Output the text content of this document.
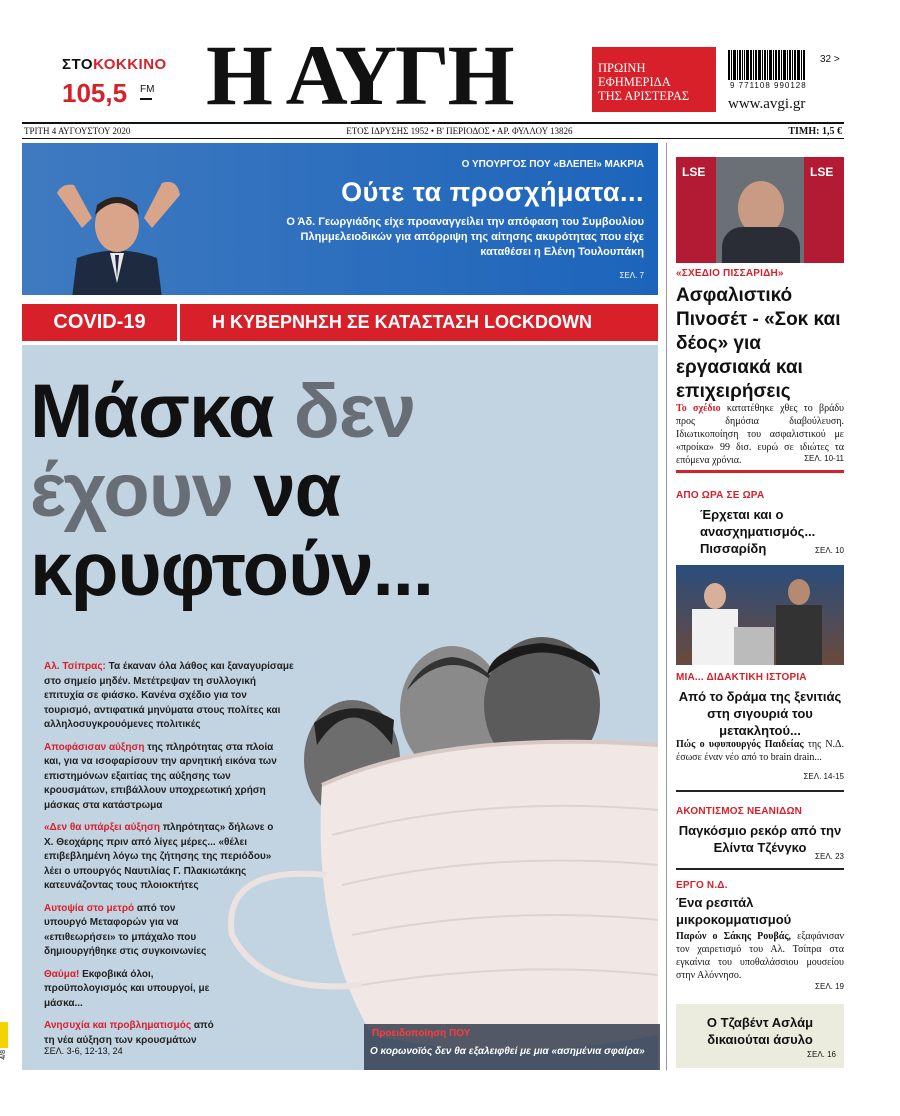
ΣΤΟΚΟΚΚΙΝΟ
105,5 FM Η ΑΥΓΗ	ΠΡΩΙΝΗ
ΕΦΗΜΕΡΙΔΑ
ΤΗΣ ΑΡΙΣΤΕΡΑΣ
32 >
9 771108 990128
www.avgi.gr
ΤΡΙΤΗ 4 ΑΥΓΟΥΣΤΟΥ 2020	ΕΤΟΣ ΙΔΡΥΣΗΣ 1952 • Β' ΠΕΡΙΟΔΟΣ • ΑΡ. ΦΥΛΛΟΥ 13826	ΤΙΜΗ: 1,5 €
Ο ΥΠΟΥΡΓΟΣ ΠΟΥ «ΒΛΕΠΕΙ» ΜΑΚΡΙΑ
Ούτε τα προσχήματα...
Ο Άδ. Γεωργιάδης είχε προαναγγείλει την απόφαση του Συμβουλίου Πλημμελειοδικών για απόρριψη της αίτησης ακυρότητας που είχε καταθέσει η Ελένη Τουλουπάκη
ΣΕΛ. 7
COVID-19	Η ΚΥΒΕΡΝΗΣΗ ΣΕ ΚΑΤΑΣΤΑΣΗ LOCKDOWN
Μάσκα δεν
έχουν να
κρυφτούν...

Αλ. Τσίπρας: Τα έκαναν όλα λάθος και ξαναγυρίσαμε στο σημείο μηδέν. Μετέτρεψαν τη συλλογική επιτυχία σε φιάσκο. Κανένα σχέδιο για τον τουρισμό, αντιφατικά μηνύματα στους πολίτες και αλληλοσυγκρουόμενες πολιτικές

Αποφάσισαν αύξηση της πληρότητας στα πλοία και, για να ισοφαρίσουν την αρνητική εικόνα των επιστημόνων εξαιτίας της αύξησης των κρουσμάτων, επιβάλλουν υποχρεωτική χρήση μάσκας στα κατάστρωμα

«Δεν θα υπάρξει αύξηση πληρότητας» δήλωνε ο Χ. Θεοχάρης πριν από λίγες μέρες... «θέλει επιβεβλημένη λόγω της ζήτησης της περιόδου» λέει ο υπουργός Ναυτιλίας Γ. Πλακιωτάκης κατευνάζοντας τους πλοιοκτήτες

Αυτοψία στο μετρό από τον υπουργό Μεταφορών για να «επιθεωρήσει» το μπάχαλο που δημιουργήθηκε στις συγκοινωνίες

Θαύμα! Εκφοβικά όλοι, προϋπολογισμός και υπουργοί, με μάσκα...

Ανησυχία και προβληματισμός από τη νέα αύξηση των κρουσμάτων

ΣΕΛ. 3-6, 12-13, 24
Προειδοποίηση ΠΟΥ
Ο κορωνοϊός δεν θα εξαλειφθεί με μια «ασημένια σφαίρα»
LSE	LSE
«ΣΧΕΔΙΟ ΠΙΣΣΑΡΙΔΗ»
Ασφαλιστικό Πινοσέτ - «Σοκ και δέος» για εργασιακά και επιχειρήσεις
Το σχέδιο κατατέθηκε χθες το βράδυ προς δημόσια διαβούλευση. Ιδιωτικοποίηση του ασφαλιστικού με «προίκα» 99 δισ. ευρώ σε ιδιώτες τα επόμενα χρόνια.	ΣΕΛ. 10-11
ΑΠΟ ΩΡΑ ΣΕ ΩΡΑ
Έρχεται και ο ανασχηματισμός... Πισσαρίδη	ΣΕΛ. 10
ΜΙΑ... ΔΙΔΑΚΤΙΚΗ ΙΣΤΟΡΙΑ
Από το δράμα της ξενιτιάς στη σιγουριά του μετακλητού...
Πώς ο υφυπουργός Παιδείας της Ν.Δ. έσωσε έναν νέο από το brain drain...
ΣΕΛ. 14-15
ΑΚΟΝΤΙΣΜΟΣ ΝΕΑΝΙΔΩΝ
Παγκόσμιο ρεκόρ από την Ελίντα Τζένγκο
ΣΕΛ. 23
ΕΡΓΟ Ν.Δ.
Ένα ρεσιτάλ μικροκομματισμού
Παρών ο Σάκης Ρουβάς, εξαφάνισαν τον χαιρετισμό του Αλ. Τσίπρα στα εγκαίνια του υποθαλάσσιου μουσείου στην Αλόννησο.
ΣΕΛ. 19
Ο Τζαβέντ Ασλάμ δικαιούται άσυλο
ΣΕΛ. 16
4/8
